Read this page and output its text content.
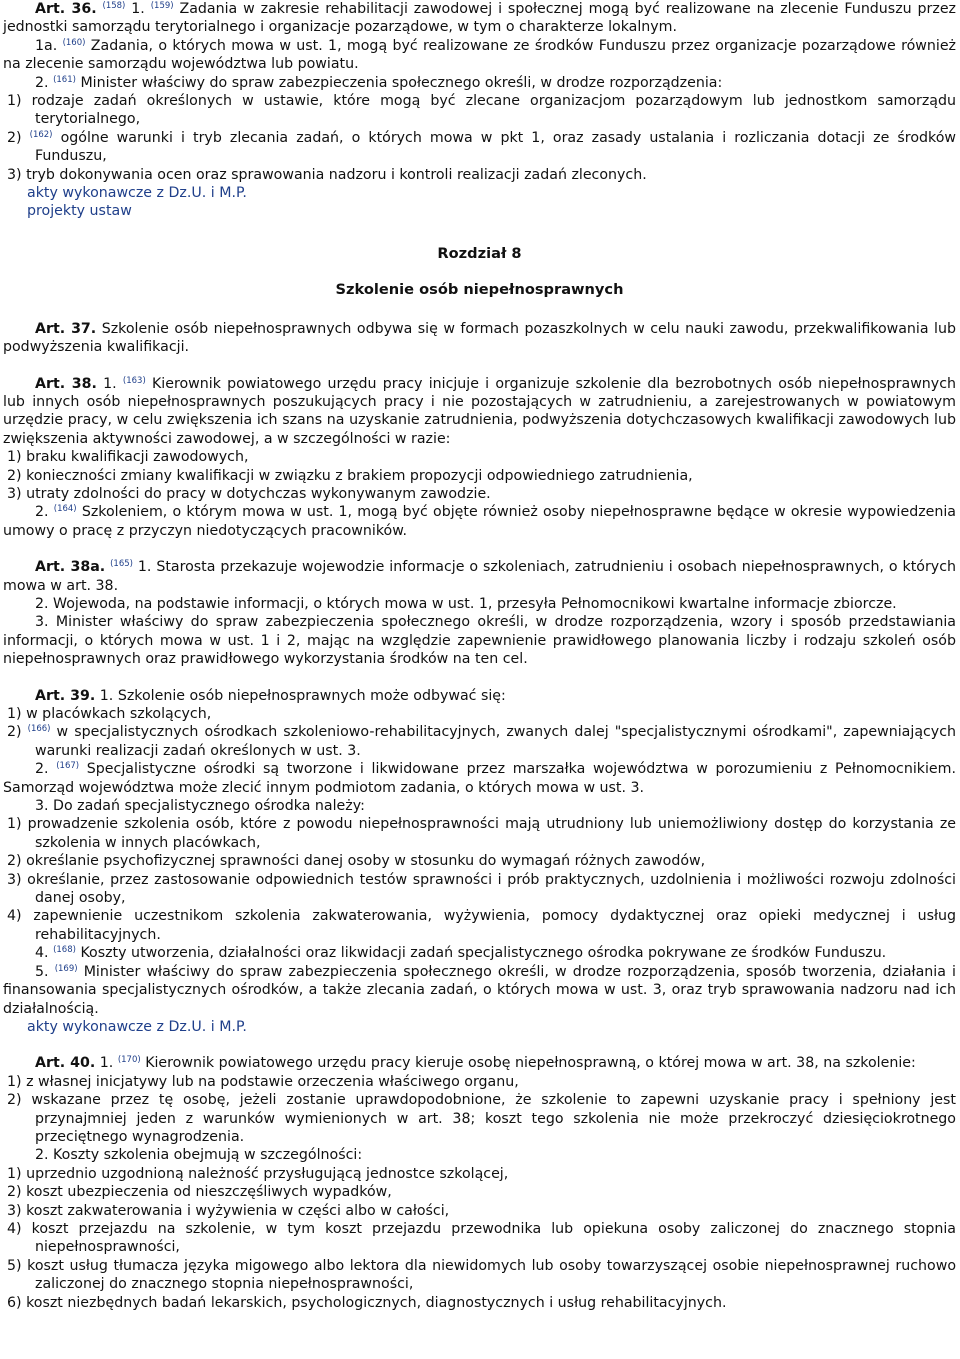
Art. 36. $^{(158)}$ 1. $^{(159)}$ Zadania w zakresie rehabilitacji zawodowej i społecznej mogą być realizowane na zlecenie Funduszu przez jednostki samorządu terytorialnego i organizacje pozarządowe, w tym o charakterze lokalnym.

1a. $^{(160)}$ Zadania, o których mowa w ust. 1, mogą być realizowane ze środków Funduszu przez organizacje pozarządowe również na zlecenie samorządu województwa lub powiatu.

2. $^{(161)}$ Minister właściwy do spraw zabezpieczenia społecznego określi, w drodze rozporządzenia:

1) rodzaje zadań określonych w ustawie, które mogą być zlecane organizacjom pozarządowym lub jednostkom samorządu terytorialnego,

2) $^{(162)}$ ogólne warunki i tryb zlecania zadań, o których mowa w pkt 1, oraz zasady ustalania i rozliczania dotacji ze środków Funduszu,

3) tryb dokonywania ocen oraz sprawowania nadzoru i kontroli realizacji zadań zleconych.

akty wykonawcze z Dz.U. i M.P.

projekty ustaw

Rozdział 8

Szkolenie osób niepełnosprawnych

Art. 37. Szkolenie osób niepełnosprawnych odbywa się w formach pozaszkolnych w celu nauki zawodu, przekwalifikowania lub podwyższenia kwalifikacji.

Art. 38. 1. $^{(163)}$ Kierownik powiatowego urzędu pracy inicjuje i organizuje szkolenie dla bezrobotnych osób niepełnosprawnych lub innych osób niepełnosprawnych poszukujących pracy i nie pozostających w zatrudnieniu, a zarejestrowanych w powiatowym urzędzie pracy, w celu zwiększenia ich szans na uzyskanie zatrudnienia, podwyższenia dotychczasowych kwalifikacji zawodowych lub zwiększenia aktywności zawodowej, a w szczególności w razie:

1) braku kwalifikacji zawodowych,

2) konieczności zmiany kwalifikacji w związku z brakiem propozycji odpowiedniego zatrudnienia,

3) utraty zdolności do pracy w dotychczas wykonywanym zawodzie.

2. $^{(164)}$ Szkoleniem, o którym mowa w ust. 1, mogą być objęte również osoby niepełnosprawne będące w okresie wypowiedzenia umowy o pracę z przyczyn niedotyczących pracowników.

Art. 38a. $^{(165)}$ 1. Starosta przekazuje wojewodzie informacje o szkoleniach, zatrudnieniu i osobach niepełnosprawnych, o których mowa w art. 38.

2. Wojewoda, na podstawie informacji, o których mowa w ust. 1, przesyła Pełnomocnikowi kwartalne informacje zbiorcze.

3. Minister właściwy do spraw zabezpieczenia społecznego określi, w drodze rozporządzenia, wzory i sposób przedstawiania informacji, o których mowa w ust. 1 i 2, mając na względzie zapewnienie prawidłowego planowania liczby i rodzaju szkoleń osób niepełnosprawnych oraz prawidłowego wykorzystania środków na ten cel.

Art. 39. 1. Szkolenie osób niepełnosprawnych może odbywać się:

1) w placówkach szkolących,

2) $^{(166)}$ w specjalistycznych ośrodkach szkoleniowo-rehabilitacyjnych, zwanych dalej "specjalistycznymi ośrodkami", zapewniających warunki realizacji zadań określonych w ust. 3.

2. $^{(167)}$ Specjalistyczne ośrodki są tworzone i likwidowane przez marszałka województwa w porozumieniu z Pełnomocnikiem. Samorząd województwa może zlecić innym podmiotom zadania, o których mowa w ust. 3.

3. Do zadań specjalistycznego ośrodka należy:

1) prowadzenie szkolenia osób, które z powodu niepełnosprawności mają utrudniony lub uniemożliwiony dostęp do korzystania ze szkolenia w innych placówkach,

2) określanie psychofizycznej sprawności danej osoby w stosunku do wymagań różnych zawodów,

3) określanie, przez zastosowanie odpowiednich testów sprawności i prób praktycznych, uzdolnienia i możliwości rozwoju zdolności danej osoby,

4) zapewnienie uczestnikom szkolenia zakwaterowania, wyżywienia, pomocy dydaktycznej oraz opieki medycznej i usług rehabilitacyjnych.

4. $^{(168)}$ Koszty utworzenia, działalności oraz likwidacji zadań specjalistycznego ośrodka pokrywane ze środków Funduszu.

5. $^{(169)}$ Minister właściwy do spraw zabezpieczenia społecznego określi, w drodze rozporządzenia, sposób tworzenia, działania i finansowania specjalistycznych ośrodków, a także zlecania zadań, o których mowa w ust. 3, oraz tryb sprawowania nadzoru nad ich działalnością.

akty wykonawcze z Dz.U. i M.P.

Art. 40. 1. $^{(170)}$ Kierownik powiatowego urzędu pracy kieruje osobę niepełnosprawną, o której mowa w art. 38, na szkolenie:

1) z własnej inicjatywy lub na podstawie orzeczenia właściwego organu,

2) wskazane przez tę osobę, jeżeli zostanie uprawdopodobnione, że szkolenie to zapewni uzyskanie pracy i spełniony jest przynajmniej jeden z warunków wymienionych w art. 38; koszt tego szkolenia nie może przekroczyć dziesięciokrotnego przeciętnego wynagrodzenia.

2. Koszty szkolenia obejmują w szczególności:

1) uprzednio uzgodnioną należność przysługującą jednostce szkolącej,

2) koszt ubezpieczenia od nieszczęśliwych wypadków,

3) koszt zakwaterowania i wyżywienia w części albo w całości,

4) koszt przejazdu na szkolenie, w tym koszt przejazdu przewodnika lub opiekuna osoby zaliczonej do znacznego stopnia niepełnosprawności,

5) koszt usług tłumacza języka migowego albo lektora dla niewidomych lub osoby towarzyszącej osobie niepełnosprawnej ruchowo zaliczonej do znacznego stopnia niepełnosprawności,

6) koszt niezbędnych badań lekarskich, psychologicznych, diagnostycznych i usług rehabilitacyjnych.
